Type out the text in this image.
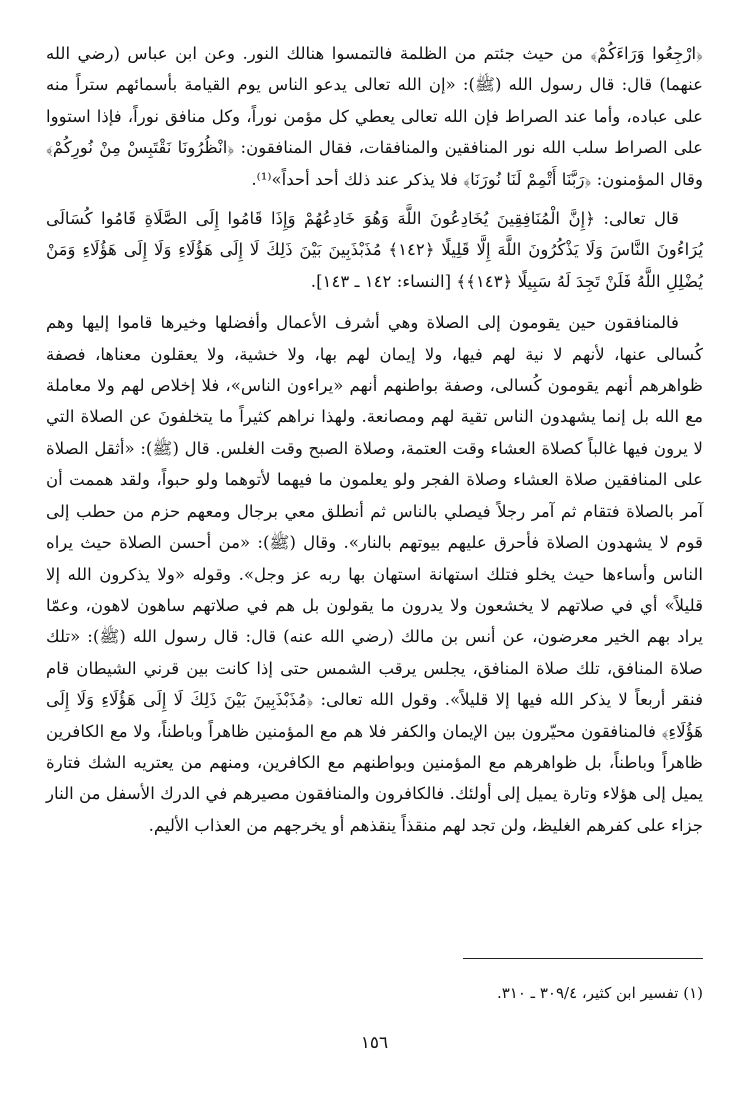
﴿ارْجِعُوا وَرَاءَكُمْ﴾ من حيث جئتم من الظلمة فالتمسوا هنالك النور. وعن ابن عباس (رضي الله عنهما) قال: قال رسول الله (ﷺ): «إن الله تعالى يدعو الناس يوم القيامة بأسمائهم ستراً منه على عباده، وأما عند الصراط فإن الله تعالى يعطي كل مؤمن نوراً، وكل منافق نوراً، فإذا استووا على الصراط سلب الله نور المنافقين والمنافقات، فقال المنافقون: ﴿انْظُرُونَا نَقْتَبِسْ مِنْ نُورِكُمْ﴾ وقال المؤمنون: ﴿رَبَّنَا أَتْمِمْ لَنَا نُورَنَا﴾ فلا يذكر عند ذلك أحد أحداً»⁽¹⁾.

قال تعالى: ﴿إِنَّ الْمُنَافِقِينَ يُخَادِعُونَ اللَّهَ وَهُوَ خَادِعُهُمْ وَإِذَا قَامُوا إِلَى الصَّلَاةِ قَامُوا كُسَالَى يُرَاءُونَ النَّاسَ وَلَا يَذْكُرُونَ اللَّهَ إِلَّا قَلِيلًا ﴿١٤٢﴾ مُذَبْذَبِينَ بَيْنَ ذَلِكَ لَا إِلَى هَؤُلَاءِ وَلَا إِلَى هَؤُلَاءِ وَمَنْ يُضْلِلِ اللَّهُ فَلَنْ تَجِدَ لَهُ سَبِيلًا ﴿١٤٣﴾﴾ [النساء: ١٤٢ ـ ١٤٣].

فالمنافقون حين يقومون إلى الصلاة وهي أشرف الأعمال وأفضلها وخيرها قاموا إليها وهم كُسالى عنها، لأنهم لا نية لهم فيها، ولا إيمان لهم بها، ولا خشية، ولا يعقلون معناها، فصفة ظواهرهم أنهم يقومون كُسالى، وصفة بواطنهم أنهم «يراءون الناس»، فلا إخلاص لهم ولا معاملة مع الله بل إنما يشهدون الناس تقية لهم ومصانعة. ولهذا نراهم كثيراً ما يتخلفونَ عن الصلاة التي لا يرون فيها غالباً كصلاة العشاء وقت العتمة، وصلاة الصبح وقت الغلس. قال (ﷺ): «أثقل الصلاة على المنافقين صلاة العشاء وصلاة الفجر ولو يعلمون ما فيهما لأتوهما ولو حبواً، ولقد هممت أن آمر بالصلاة فتقام ثم آمر رجلاً فيصلي بالناس ثم أنطلق معي برجال ومعهم حزم من حطب إلى قوم لا يشهدون الصلاة فأحرق عليهم بيوتهم بالنار». وقال (ﷺ): «من أحسن الصلاة حيث يراه الناس وأساءها حيث يخلو فتلك استهانة استهان بها ربه عز وجل». وقوله «ولا يذكرون الله إلا قليلاً» أي في صلاتهم لا يخشعون ولا يدرون ما يقولون بل هم في صلاتهم ساهون لاهون، وعمّا يراد بهم الخير معرضون، عن أنس بن مالك (رضي الله عنه) قال: قال رسول الله (ﷺ): «تلك صلاة المنافق، تلك صلاة المنافق، يجلس يرقب الشمس حتى إذا كانت بين قرني الشيطان قام فنقر أربعاً لا يذكر الله فيها إلا قليلاً». وقول الله تعالى: ﴿مُذَبْذَبِينَ بَيْنَ ذَلِكَ لَا إِلَى هَؤُلَاءِ وَلَا إِلَى هَؤُلَاءِ﴾ فالمنافقون محيّرون بين الإيمان والكفر فلا هم مع المؤمنين ظاهراً وباطناً، ولا مع الكافرين ظاهراً وباطناً، بل ظواهرهم مع المؤمنين وبواطنهم مع الكافرين، ومنهم من يعتريه الشك فتارة يميل إلى هؤلاء وتارة يميل إلى أولئك. فالكافرون والمنافقون مصيرهم في الدرك الأسفل من النار جزاء على كفرهم الغليظ، ولن تجد لهم منقذاً ينقذهم أو يخرجهم من العذاب الأليم.

(١) تفسير ابن كثير، ٣٠٩/٤ ـ ٣١٠.
١٥٦
